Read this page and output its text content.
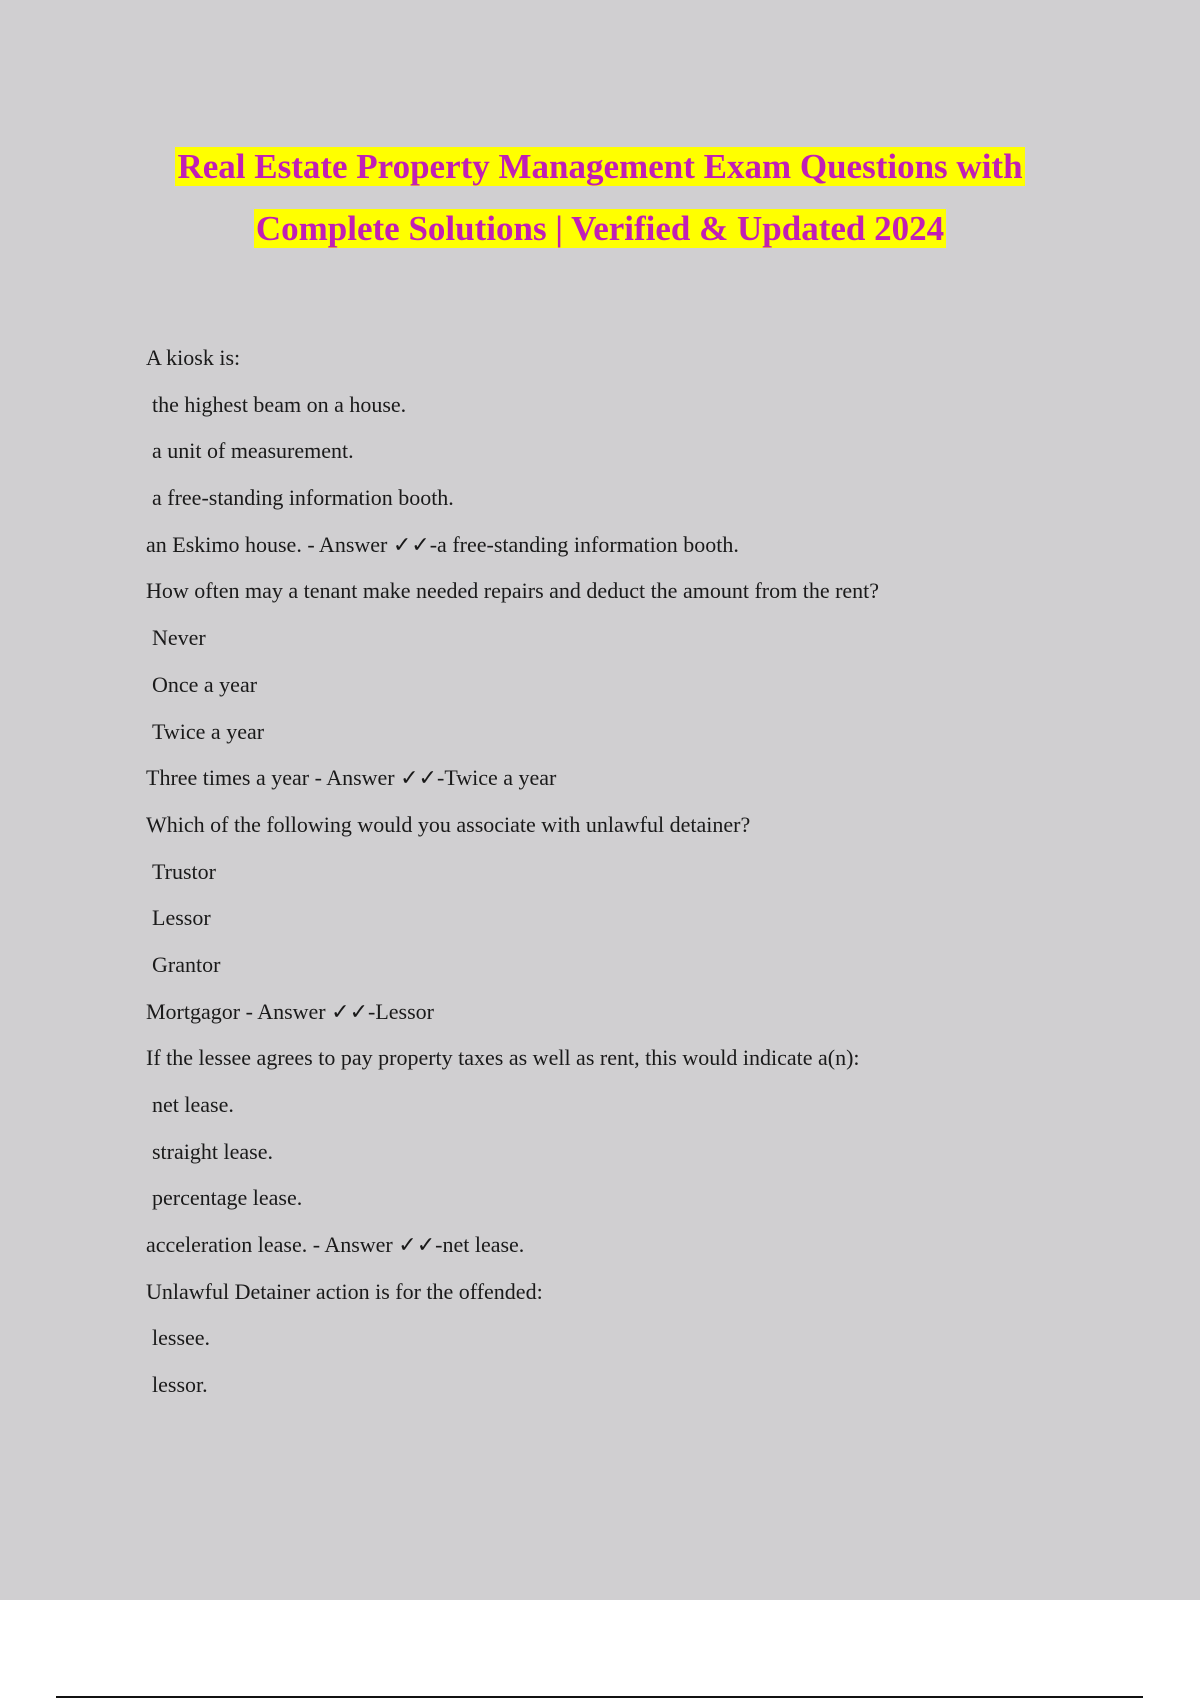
Real Estate Property Management Exam Questions with
Complete Solutions | Verified & Updated 2024
A kiosk is:
the highest beam on a house.
a unit of measurement.
a free-standing information booth.
an Eskimo house. - Answer ✓✓-a free-standing information booth.
How often may a tenant make needed repairs and deduct the amount from the rent?
Never
Once a year
Twice a year
Three times a year - Answer ✓✓-Twice a year
Which of the following would you associate with unlawful detainer?
Trustor
Lessor
Grantor
Mortgagor - Answer ✓✓-Lessor
If the lessee agrees to pay property taxes as well as rent, this would indicate a(n):
net lease.
straight lease.
percentage lease.
acceleration lease. - Answer ✓✓-net lease.
Unlawful Detainer action is for the offended:
lessee.
lessor.
